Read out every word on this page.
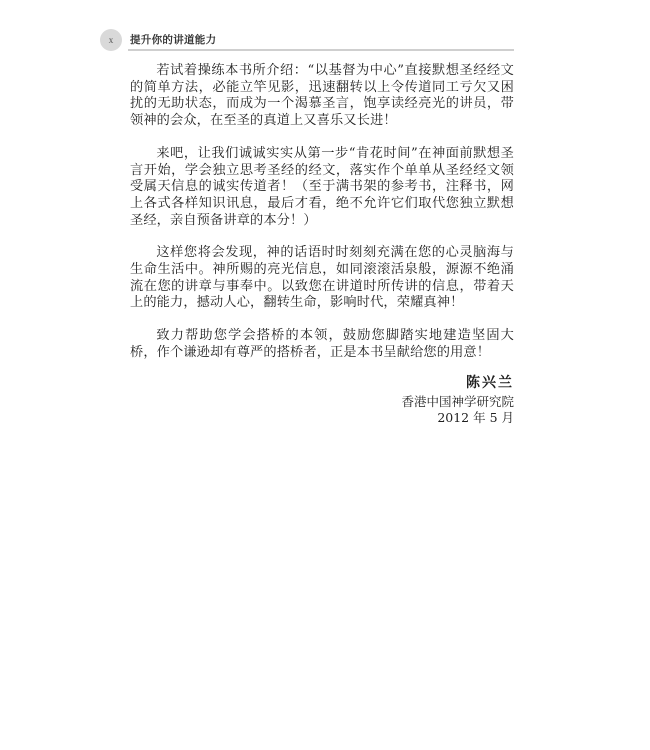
x	提升你的讲道能力

若试着操练本书所介绍：“以基督为中心”直接默想圣经经文的简单方法，必能立竿见影，迅速翻转以上令传道同工亏欠又困扰的无助状态，而成为一个渴慕圣言，饱享读经亮光的讲员，带领神的会众，在至圣的真道上又喜乐又长进！

来吧，让我们诚诚实实从第一步“肯花时间”在神面前默想圣言开始，学会独立思考圣经的经文，落实作个单单从圣经经文领受属天信息的诚实传道者！（至于满书架的参考书，注释书，网上各式各样知识讯息，最后才看，绝不允许它们取代您独立默想圣经，亲自预备讲章的本分！）

这样您将会发现，神的话语时时刻刻充满在您的心灵脑海与生命生活中。神所赐的亮光信息，如同滚滚活泉般，源源不绝涌流在您的讲章与事奉中。以致您在讲道时所传讲的信息，带着天上的能力，撼动人心，翻转生命，影响时代，荣耀真神！

致力帮助您学会搭桥的本领，鼓励您脚踏实地建造坚固大桥，作个谦逊却有尊严的搭桥者，正是本书呈献给您的用意！

陈兴兰
香港中国神学研究院
2012 年 5 月
